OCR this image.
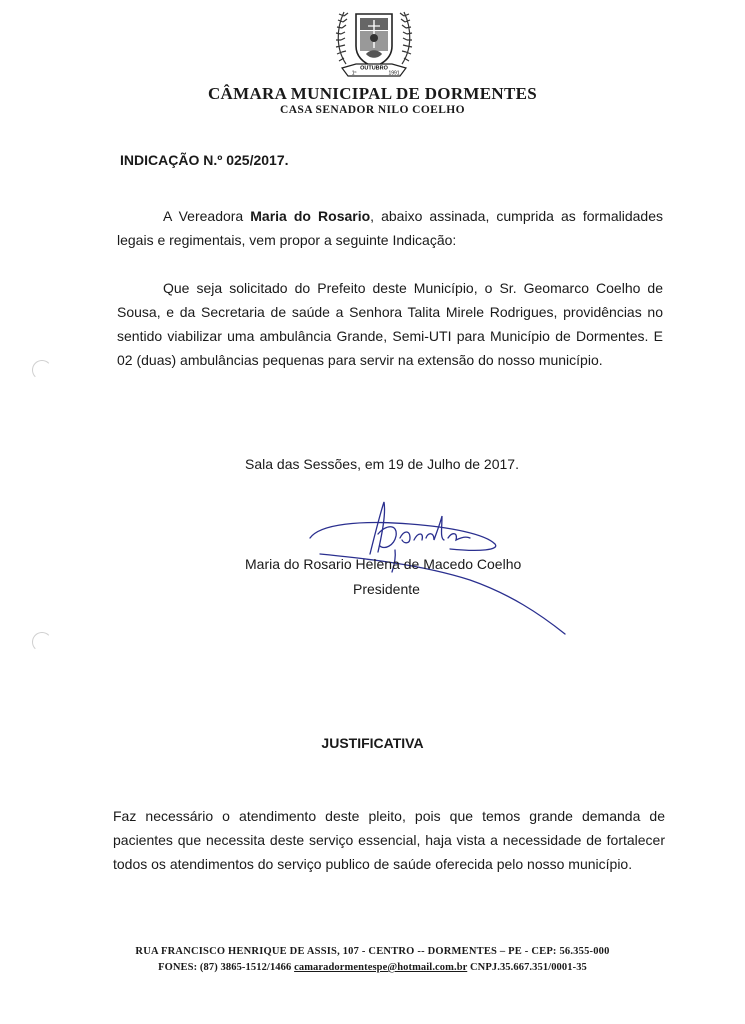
OUTUBRO
1º	1991
CÂMARA MUNICIPAL DE DORMENTES
CASA SENADOR NILO COELHO
INDICAÇÃO N.º 025/2017.

A Vereadora Maria do Rosario, abaixo assinada, cumprida as formalidades legais e regimentais, vem propor a seguinte Indicação:

Que seja solicitado do Prefeito deste Município, o Sr. Geomarco Coelho de Sousa, e da Secretaria de saúde a Senhora Talita Mirele Rodrigues, providências no sentido viabilizar uma ambulância Grande, Semi-UTI para Município de Dormentes. E 02 (duas) ambulâncias pequenas para servir na extensão do nosso município.

Sala das Sessões, em 19 de Julho de 2017.
Maria do Rosario Helena de Macedo Coelho
Presidente
JUSTIFICATIVA

Faz necessário o atendimento deste pleito, pois que temos grande demanda de pacientes que necessita deste serviço essencial, haja vista a necessidade de fortalecer todos os atendimentos do serviço publico de saúde oferecida pelo nosso município.

RUA FRANCISCO HENRIQUE DE ASSIS, 107 - CENTRO -- DORMENTES – PE - CEP: 56.355-000
FONES: (87) 3865-1512/1466 camaradormentespe@hotmail.com.br CNPJ.35.667.351/0001-35
